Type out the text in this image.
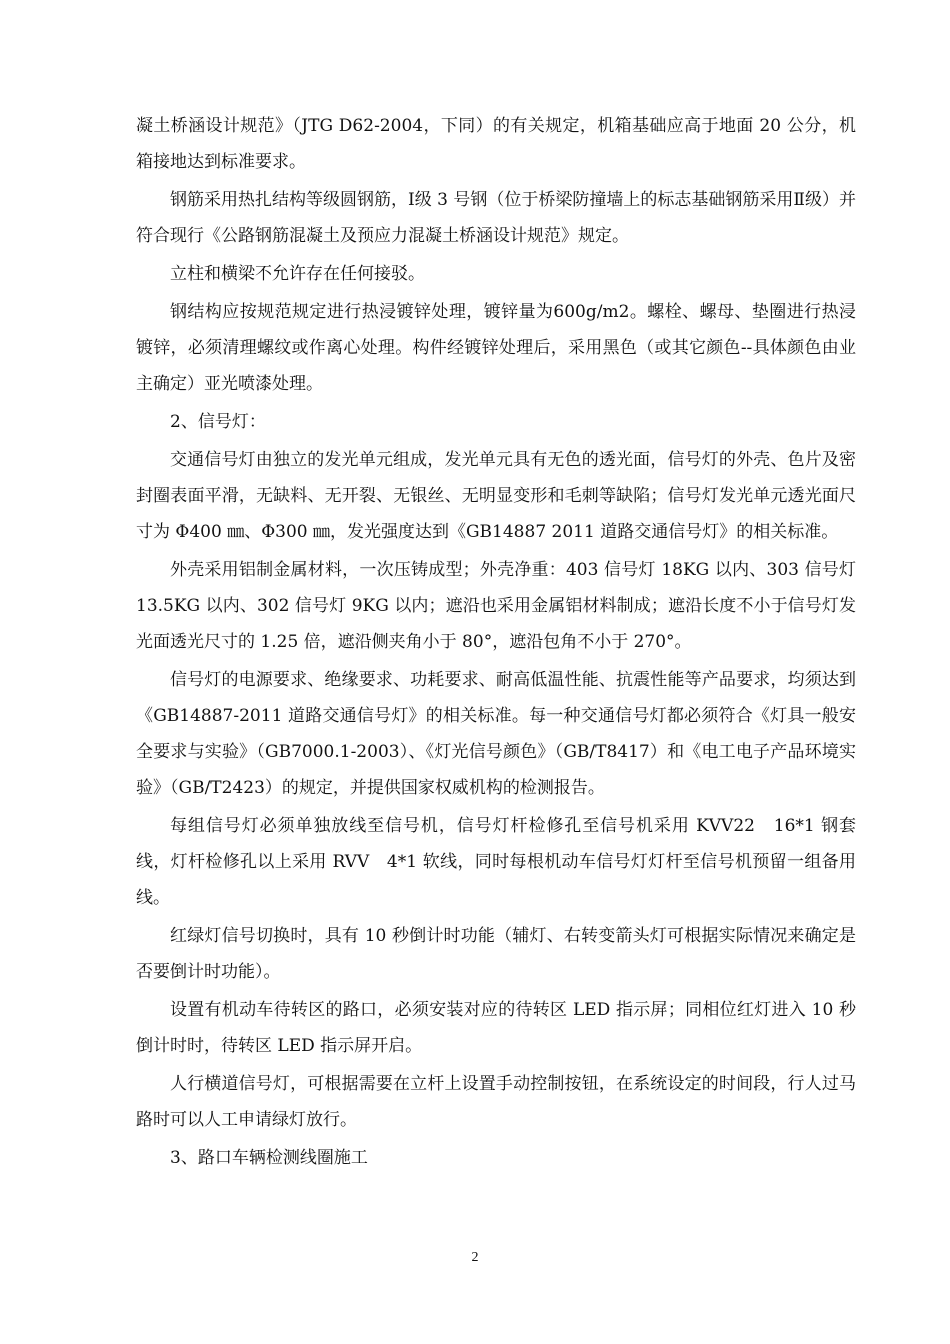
凝土桥涵设计规范》（JTG D62-2004，下同）的有关规定，机箱基础应高于地面 20 公分，机箱接地达到标准要求。

钢筋采用热扎结构等级圆钢筋，Ⅰ级 3 号钢（位于桥梁防撞墙上的标志基础钢筋采用Ⅱ级）并符合现行《公路钢筋混凝土及预应力混凝土桥涵设计规范》规定。

立柱和横梁不允许存在任何接驳。

钢结构应按规范规定进行热浸镀锌处理，镀锌量为600g/m2。螺栓、螺母、垫圈进行热浸镀锌，必须清理螺纹或作离心处理。构件经镀锌处理后，采用黑色（或其它颜色--具体颜色由业主确定）亚光喷漆处理。

2、信号灯：

交通信号灯由独立的发光单元组成，发光单元具有无色的透光面，信号灯的外壳、色片及密封圈表面平滑，无缺料、无开裂、无银丝、无明显变形和毛刺等缺陷；信号灯发光单元透光面尺寸为 Φ400 ㎜、Φ300 ㎜，发光强度达到《GB14887 2011 道路交通信号灯》的相关标准。

外壳采用铝制金属材料，一次压铸成型；外壳净重：403 信号灯 18KG 以内、303 信号灯 13.5KG 以内、302 信号灯 9KG 以内；遮沿也采用金属铝材料制成；遮沿长度不小于信号灯发光面透光尺寸的 1.25 倍，遮沿侧夹角小于 80°，遮沿包角不小于 270°。

信号灯的电源要求、绝缘要求、功耗要求、耐高低温性能、抗震性能等产品要求，均须达到《GB14887-2011 道路交通信号灯》的相关标准。每一种交通信号灯都必须符合《灯具一般安全要求与实验》（GB7000.1-2003）、《灯光信号颜色》（GB/T8417）和《电工电子产品环境实验》（GB/T2423）的规定，并提供国家权威机构的检测报告。

每组信号灯必须单独放线至信号机，信号灯杆检修孔至信号机采用 KVV22　16*1 钢套线，灯杆检修孔以上采用 RVV　4*1 软线，同时每根机动车信号灯灯杆至信号机预留一组备用线。

红绿灯信号切换时，具有 10 秒倒计时功能（辅灯、右转变箭头灯可根据实际情况来确定是否要倒计时功能）。

设置有机动车待转区的路口，必须安装对应的待转区 LED 指示屏；同相位红灯进入 10 秒倒计时时，待转区 LED 指示屏开启。

人行横道信号灯，可根据需要在立杆上设置手动控制按钮，在系统设定的时间段，行人过马路时可以人工申请绿灯放行。

3、路口车辆检测线圈施工

2
